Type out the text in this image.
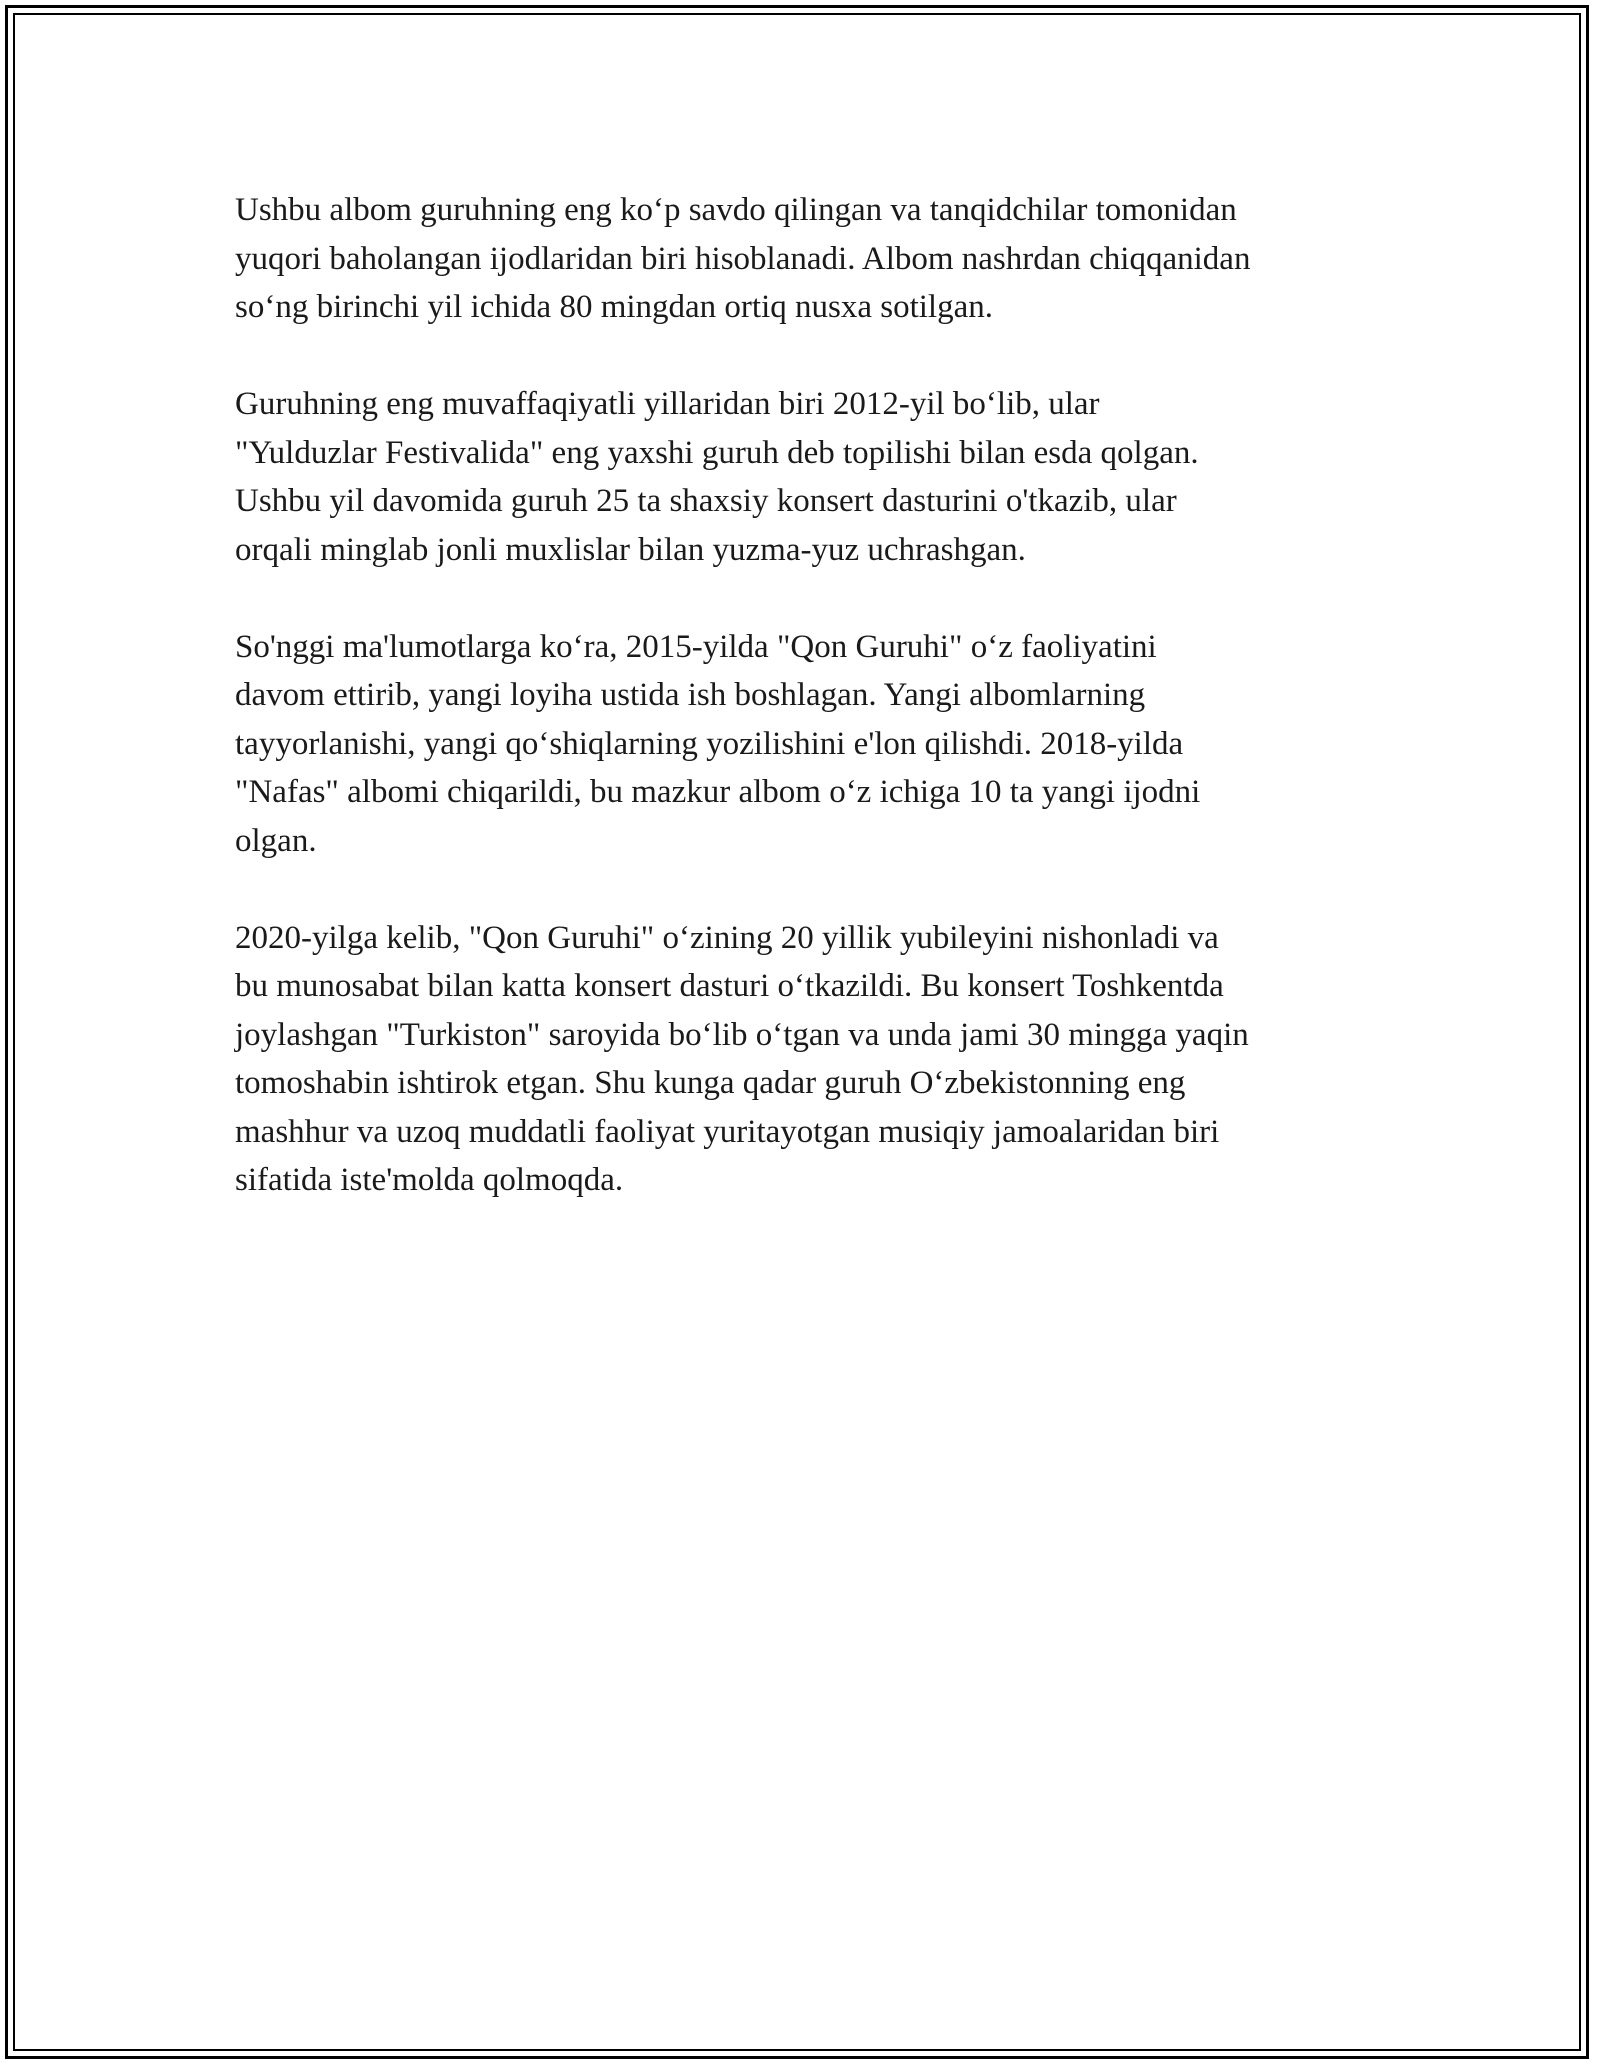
Ushbu albom guruhning eng koʻp savdo qilingan va tanqidchilar tomonidan
yuqori baholangan ijodlaridan biri hisoblanadi. Albom nashrdan chiqqanidan
soʻng birinchi yil ichida 80 mingdan ortiq nusxa sotilgan.

Guruhning eng muvaffaqiyatli yillaridan biri 2012-yil boʻlib, ular
"Yulduzlar Festivalida" eng yaxshi guruh deb topilishi bilan esda qolgan.
Ushbu yil davomida guruh 25 ta shaxsiy konsert dasturini o'tkazib, ular
orqali minglab jonli muxlislar bilan yuzma-yuz uchrashgan.

So'nggi ma'lumotlarga koʻra, 2015-yilda "Qon Guruhi" oʻz faoliyatini
davom ettirib, yangi loyiha ustida ish boshlagan. Yangi albomlarning
tayyorlanishi, yangi qoʻshiqlarning yozilishini e'lon qilishdi. 2018-yilda
"Nafas" albomi chiqarildi, bu mazkur albom oʻz ichiga 10 ta yangi ijodni
olgan.

2020-yilga kelib, "Qon Guruhi" oʻzining 20 yillik yubileyini nishonladi va
bu munosabat bilan katta konsert dasturi oʻtkazildi. Bu konsert Toshkentda
joylashgan "Turkiston" saroyida boʻlib oʻtgan va unda jami 30 mingga yaqin
tomoshabin ishtirok etgan. Shu kunga qadar guruh Oʻzbekistonning eng
mashhur va uzoq muddatli faoliyat yuritayotgan musiqiy jamoalaridan biri
sifatida iste'molda qolmoqda.
